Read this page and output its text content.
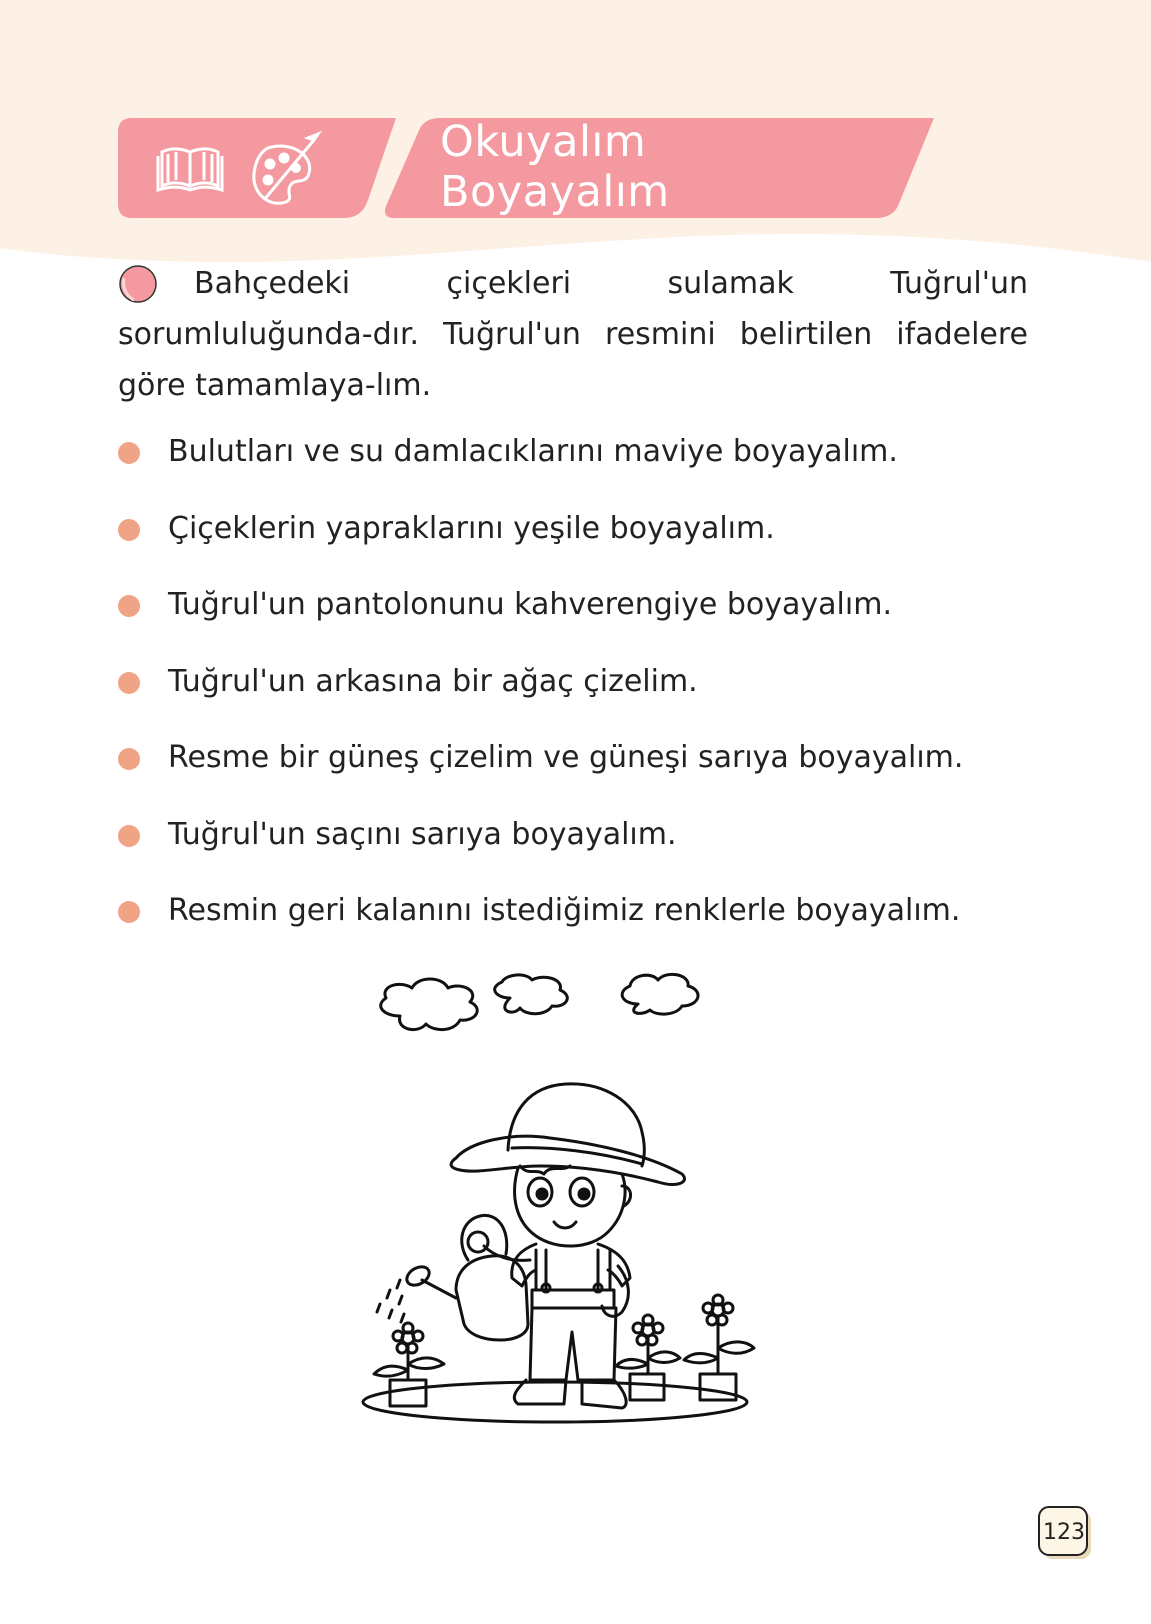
Okuyalım Boyayalım

Bahçedeki çiçekleri sulamak Tuğrul'un sorumluluğunda-dır. Tuğrul'un resmini belirtilen ifadelere göre tamamlaya-lım.

Bulutları ve su damlacıklarını maviye boyayalım.
Çiçeklerin yapraklarını yeşile boyayalım.
Tuğrul'un pantolonunu kahverengiye boyayalım.
Tuğrul'un arkasına bir ağaç çizelim.
Resme bir güneş çizelim ve güneşi sarıya boyayalım.
Tuğrul'un saçını sarıya boyayalım.
Resmin geri kalanını istediğimiz renklerle boyayalım.
123
